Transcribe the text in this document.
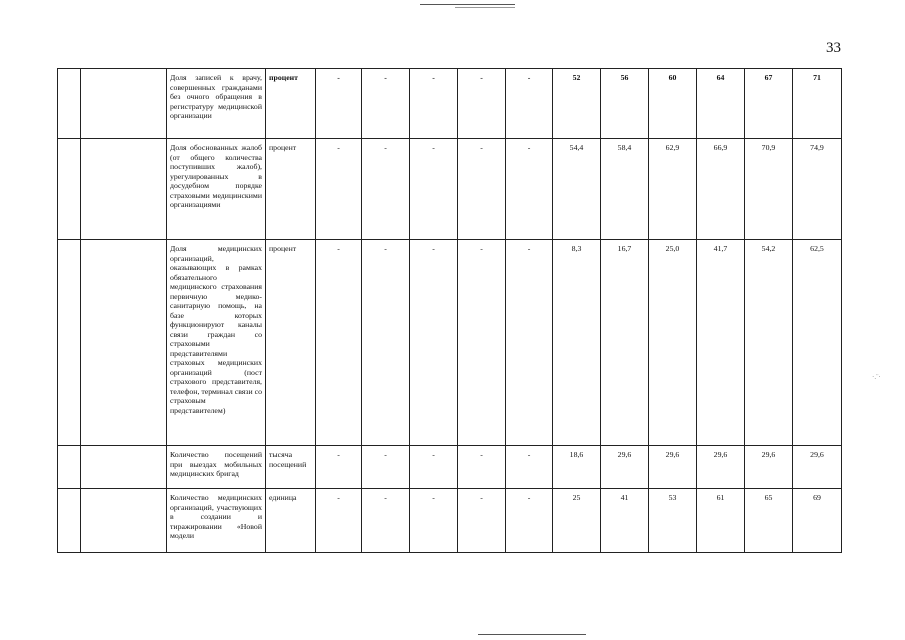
·.¨·
33
		Доля записей к врачу, совершенных гражданами без очного обращения в регистратуру медицинской организации	процент	-	-	-	-	-	52	56	60	64	67	71
		Доля обоснованных жалоб (от общего количества поступивших жалоб), урегулированных в досудебном порядке страховыми медицинскими организациями	процент	-	-	-	-	-	54,4	58,4	62,9	66,9	70,9	74,9
		Доля медицинских организаций, оказывающих в рамках обязательного медицинского страхования первичную медико-санитарную помощь, на базе которых функционируют каналы связи граждан со страховыми представителями страховых медицинских организаций (пост страхового представителя, телефон, терминал связи со страховым представителем)	процент	-	-	-	-	-	8,3	16,7	25,0	41,7	54,2	62,5
		Количество посещений при выездах мобильных медицинских бригад	тысяча посещений	-	-	-	-	-	18,6	29,6	29,6	29,6	29,6	29,6
		Количество медицинских организаций, участвующих в создании и тиражировании «Новой модели	единица	-	-	-	-	-	25	41	53	61	65	69
